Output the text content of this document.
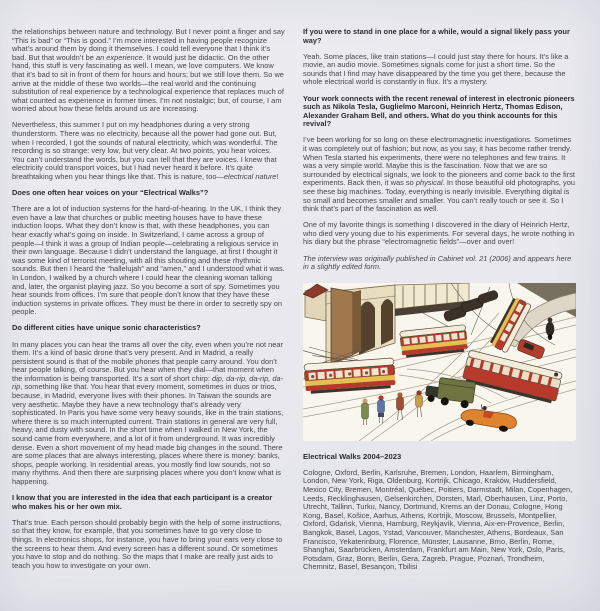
the relationships between nature and technology. But I never point a finger and say “This is bad” or “This is good.” I’m more interested in having people recognize what’s around them by doing it themselves. I could tell everyone that I think it’s bad. But that wouldn’t be an experience. It would just be didactic. On the other hand, this stuff is very fascinating as well. I mean, we love computers. We know that it’s bad to sit in front of them for hours and hours; but we still love them. So we arrive at the middle of these two worlds—the real world and the continuing substitution of real experience by a technological experience that replaces much of what counted as experience in former times. I’m not nostalgic; but, of course, I am worried about how these fields around us are increasing.
Nevertheless, this summer I put on my headphones during a very strong thunderstorm. There was no electricity, because all the power had gone out. But, when I recorded, I got the sounds of natural electricity, which was wonderful. The recording is so strange: very low, but very clear. At two points, you hear voices. You can’t understand the words, but you can tell that they are voices. I knew that electricity could transport voices, but I had never heard it before. It’s quite breathtaking when you hear things like that. This is nature, too—electrical nature!
Does one often hear voices on your “Electrical Walks”?
There are a lot of induction systems for the hard-of-hearing. In the UK, I think they even have a law that churches or public meeting houses have to have these induction loops. What they don’t know is that, with these headphones, you can hear exactly what’s going on inside. In Switzerland, I came across a group of people—I think it was a group of Indian people—celebrating a religious service in their own language. Because I didn’t understand the language, at first I thought it was some kind of terrorist meeting, with all this shouting and these rhythmic sounds. But then I heard the “hallelujah” and “amen,” and I understood what it was. In London, I walked by a church where I could hear the cleaning woman talking and, later, the organist playing jazz. So you become a sort of spy. Sometimes you hear sounds from offices. I’m sure that people don’t know that they have these induction systems in private offices. They must be there in order to secretly spy on people.
Do different cities have unique sonic characteristics?
In many places you can hear the trams all over the city, even when you’re not near them. It’s a kind of basic drone that’s very present. And in Madrid, a really persistent sound is that of the mobile phones that people carry around. You don’t hear people talking, of course. But you hear when they dial—that moment when the information is being transported. It’s a sort of short chirp: dip, da-rip, da-rip, da-rip, something like that. You hear that every moment, sometimes in duos or trios, because, in Madrid, everyone lives with their phones. In Taiwan the sounds are very aesthetic. Maybe they have a new technology that’s already very sophisticated. In Paris you have some very heavy sounds, like in the train stations, where there is so much interrupted current. Train stations in general are very full, heavy, and dusty with sound. In the short time when I walked in New York, the sound came from everywhere, and a lot of it from underground. It was incredibly dense. Even a short movement of my head made big changes in the sound. There are some places that are always interesting, places where there is money: banks, shops, people working. In residential areas, you mostly find low sounds, not so many rhythms. And then there are surprising places where you don’t know what is happening.
I know that you are interested in the idea that each participant is a creator who makes his or her own mix.
That’s true. Each person should probably begin with the help of some instructions, so that they know, for example, that you sometimes have to go very close to things. In electronics shops, for instance, you have to bring your ears very close to the screens to hear them. And every screen has a different sound. Or sometimes you have to stop and do nothing. So the maps that I make are really just aids to teach you how to investigate on your own.
If you were to stand in one place for a while, would a signal likely pass your way?
Yeah. Some places, like train stations—I could just stay there for hours. It’s like a movie, an audio movie. Sometimes signals come for just a short time. So the sounds that I find may have disappeared by the time you get there, because the whole electrical world is constantly in flux. It’s a mystery.
Your work connects with the recent renewal of interest in electronic pioneers such as Nikola Tesla, Guglielmo Marconi, Heinrich Hertz, Thomas Edison, Alexander Graham Bell, and others. What do you think accounts for this revival?
I’ve been working for so long on these electromagnetic investigations. Sometimes it was completely out of fashion; but now, as you say, it has become rather trendy. When Tesla started his experiments, there were no telephones and few trains. It was a very simple world. Maybe this is the fascination. Now that we are so surrounded by electrical signals, we look to the pioneers and come back to the first experiments. Back then, it was so physical. In those beautiful old photographs, you see these big machines. Today, everything is nearly invisible. Everything digital is so small and becomes smaller and smaller. You can’t really touch or see it. So I think that’s part of the fascination as well.
One of my favorite things is something I discovered in the diary of Heinrich Hertz, who died very young due to his experiments. For several days, he wrote nothing in his diary but the phrase “electromagnetic fields”—over and over!
The interview was originally published in Cabinet vol. 21 (2006) and appears here in a slightly edited form.
Electrical Walks 2004–2023
Cologne, Oxford, Berlin, Karlsruhe, Bremen, London, Haarlem, Birmingham, London, New York, Riga, Oldenburg, Kortrijk, Chicago, Kraków, Huddersfield, Mexico City, Bremen, Montréal, Québec, Poitiers, Darmstadt, Milan, Copenhagen, Leeds, Recklinghausen, Gelsenkirchen, Dorsten, Marl, Oberhausen, Linz, Porto, Utrecht, Tallinn, Turku, Nancy, Dortmund, Krems an der Donau, Cologne, Hong Kong, Basel, Košice, Aarhus, Athens, Kortrijk, Moscow, Brussels, Montpellier, Oxford, Gdańsk, Vienna, Hamburg, Reykjavík, Vienna, Aix-en-Provence, Berlin, Bangkok, Basel, Lagos, Ystad, Vancouver, Manchester, Athens, Bordeaux, San Francisco, Yekaterinburg, Florence, Münster, Lausanne, Brno, Berlin, Rome, Shanghai, Saarbrücken, Amsterdam, Frankfurt am Main, New York, Oslo, Paris, Potsdam, Graz, Bonn, Berlin, Gera, Zagreb, Prague, Poznań, Trondheim, Chemnitz, Basel, Besançon, Tbilisi
